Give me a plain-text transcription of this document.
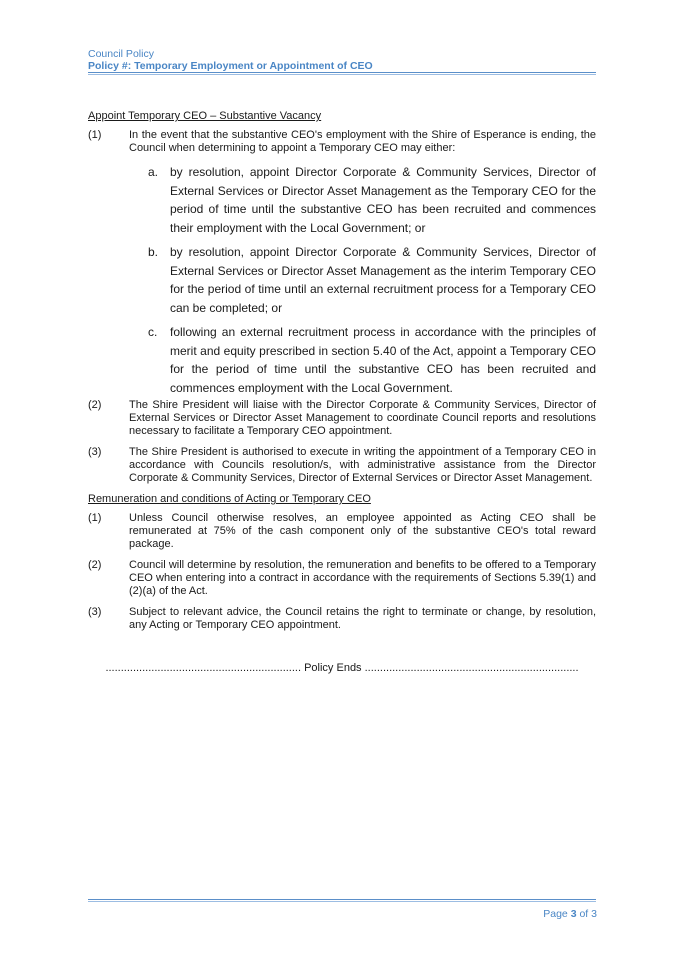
Council Policy
Policy #: Temporary Employment or Appointment of CEO
Appoint Temporary CEO – Substantive Vacancy
(1)	In the event that the substantive CEO's employment with the Shire of Esperance is ending, the Council when determining to appoint a Temporary CEO may either:
a. by resolution, appoint Director Corporate & Community Services, Director of External Services or Director Asset Management as the Temporary CEO for the period of time until the substantive CEO has been recruited and commences their employment with the Local Government; or
b. by resolution, appoint Director Corporate & Community Services, Director of External Services or Director Asset Management as the interim Temporary CEO for the period of time until an external recruitment process for a Temporary CEO can be completed; or
c.	following an external recruitment process in accordance with the principles of merit and equity prescribed in section 5.40 of the Act, appoint a Temporary CEO for the period of time until the substantive CEO has been recruited and commences employment with the Local Government.
(2)	The Shire President will liaise with the Director Corporate & Community Services, Director of External Services or Director Asset Management to coordinate Council reports and resolutions necessary to facilitate a Temporary CEO appointment.
(3)	The Shire President is authorised to execute in writing the appointment of a Temporary CEO in accordance with Councils resolution/s, with administrative assistance from the Director Corporate & Community Services, Director of External Services or Director Asset Management.
Remuneration and conditions of Acting or Temporary CEO
(1)	Unless Council otherwise resolves, an employee appointed as Acting CEO shall be remunerated at 75% of the cash component only of the substantive CEO's total reward package.
(2)	Council will determine by resolution, the remuneration and benefits to be offered to a Temporary CEO when entering into a contract in accordance with the requirements of Sections 5.39(1) and (2)(a) of the Act.
(3)	Subject to relevant advice, the Council retains the right to terminate or change, by resolution, any Acting or Temporary CEO appointment.
................................................................ Policy Ends ......................................................................
Page 3 of 3
